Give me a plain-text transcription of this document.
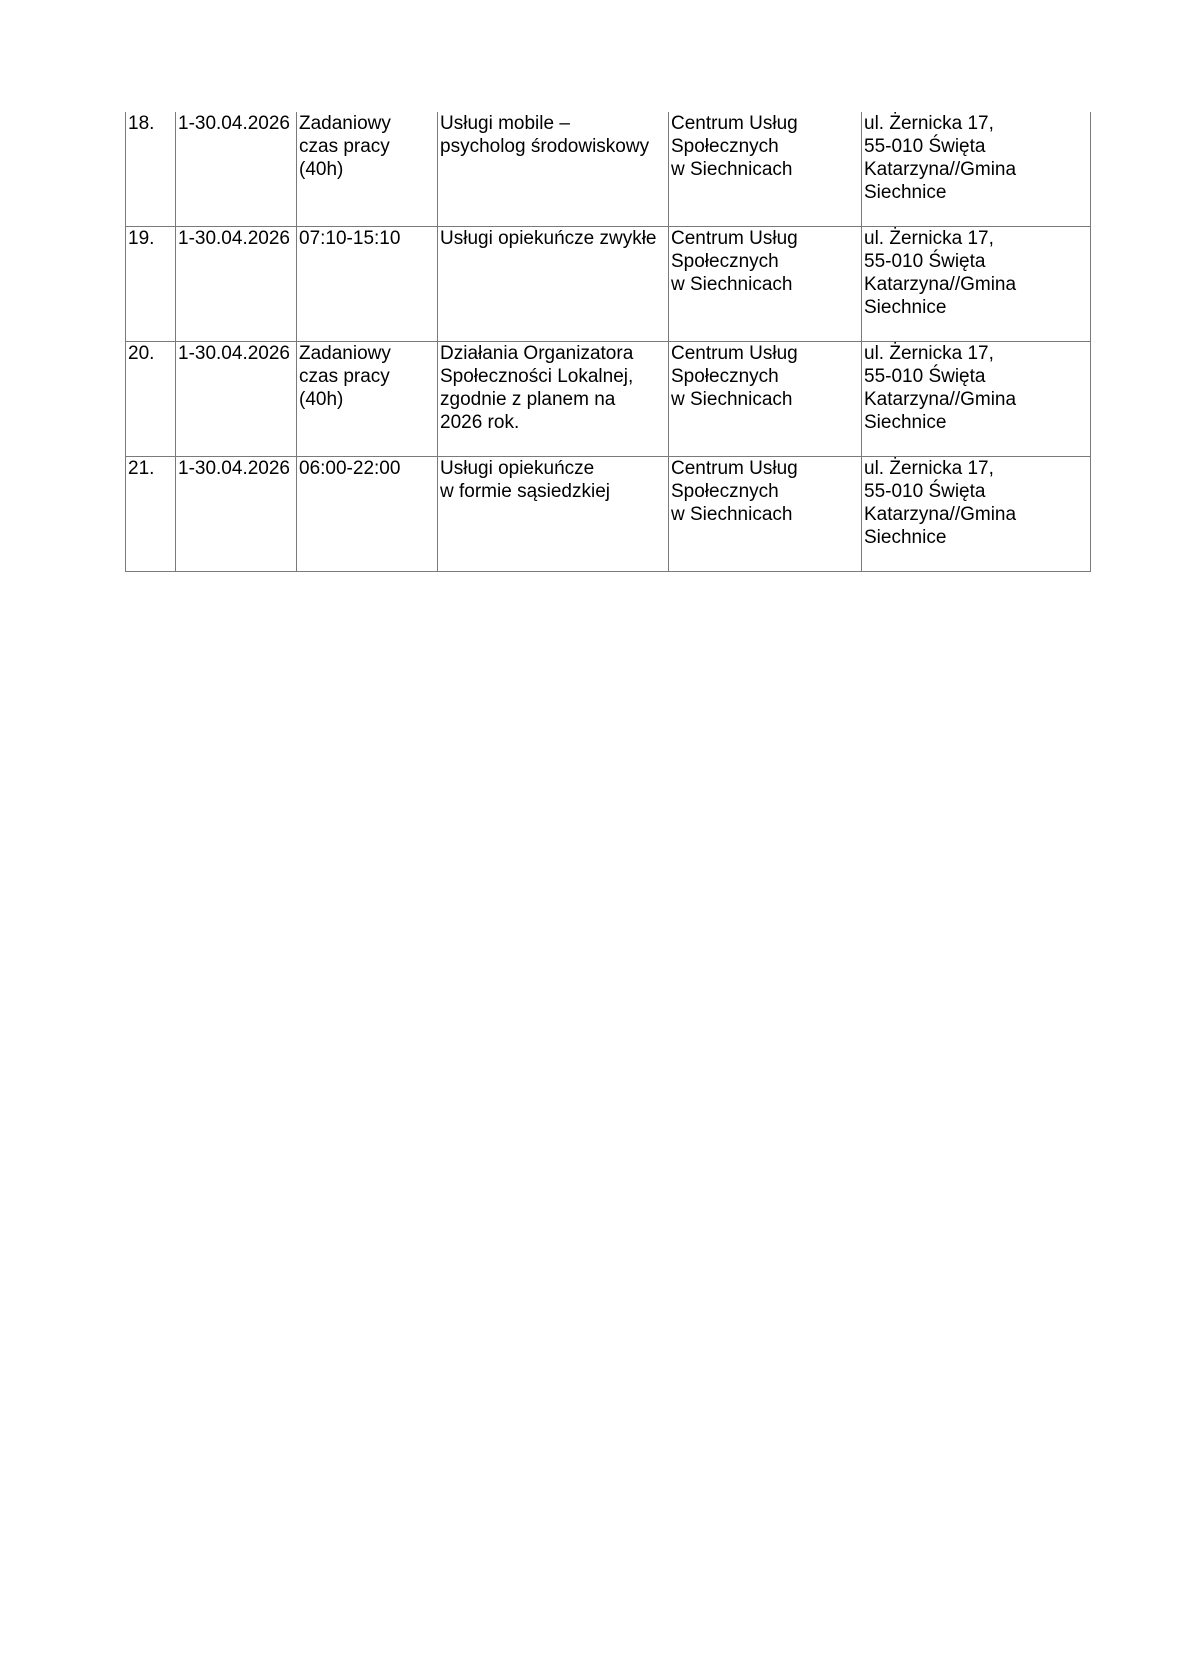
18.	1-30.04.2026	Zadaniowy
czas pracy
(40h)	Usługi mobile –
psycholog środowiskowy	Centrum Usług
Społecznych
w Siechnicach	ul. Żernicka 17,
55-010 Święta
Katarzyna//Gmina
Siechnice

19.	1-30.04.2026	07:10-15:10	Usługi opiekuńcze zwykłe	Centrum Usług
Społecznych
w Siechnicach	ul. Żernicka 17,
55-010 Święta
Katarzyna//Gmina
Siechnice

20.	1-30.04.2026	Zadaniowy
czas pracy
(40h)	Działania Organizatora
Społeczności Lokalnej,
zgodnie z planem na
2026 rok.	Centrum Usług
Społecznych
w Siechnicach	ul. Żernicka 17,
55-010 Święta
Katarzyna//Gmina
Siechnice

21.	1-30.04.2026	06:00-22:00	Usługi opiekuńcze
w formie sąsiedzkiej	Centrum Usług
Społecznych
w Siechnicach	ul. Żernicka 17,
55-010 Święta
Katarzyna//Gmina
Siechnice
